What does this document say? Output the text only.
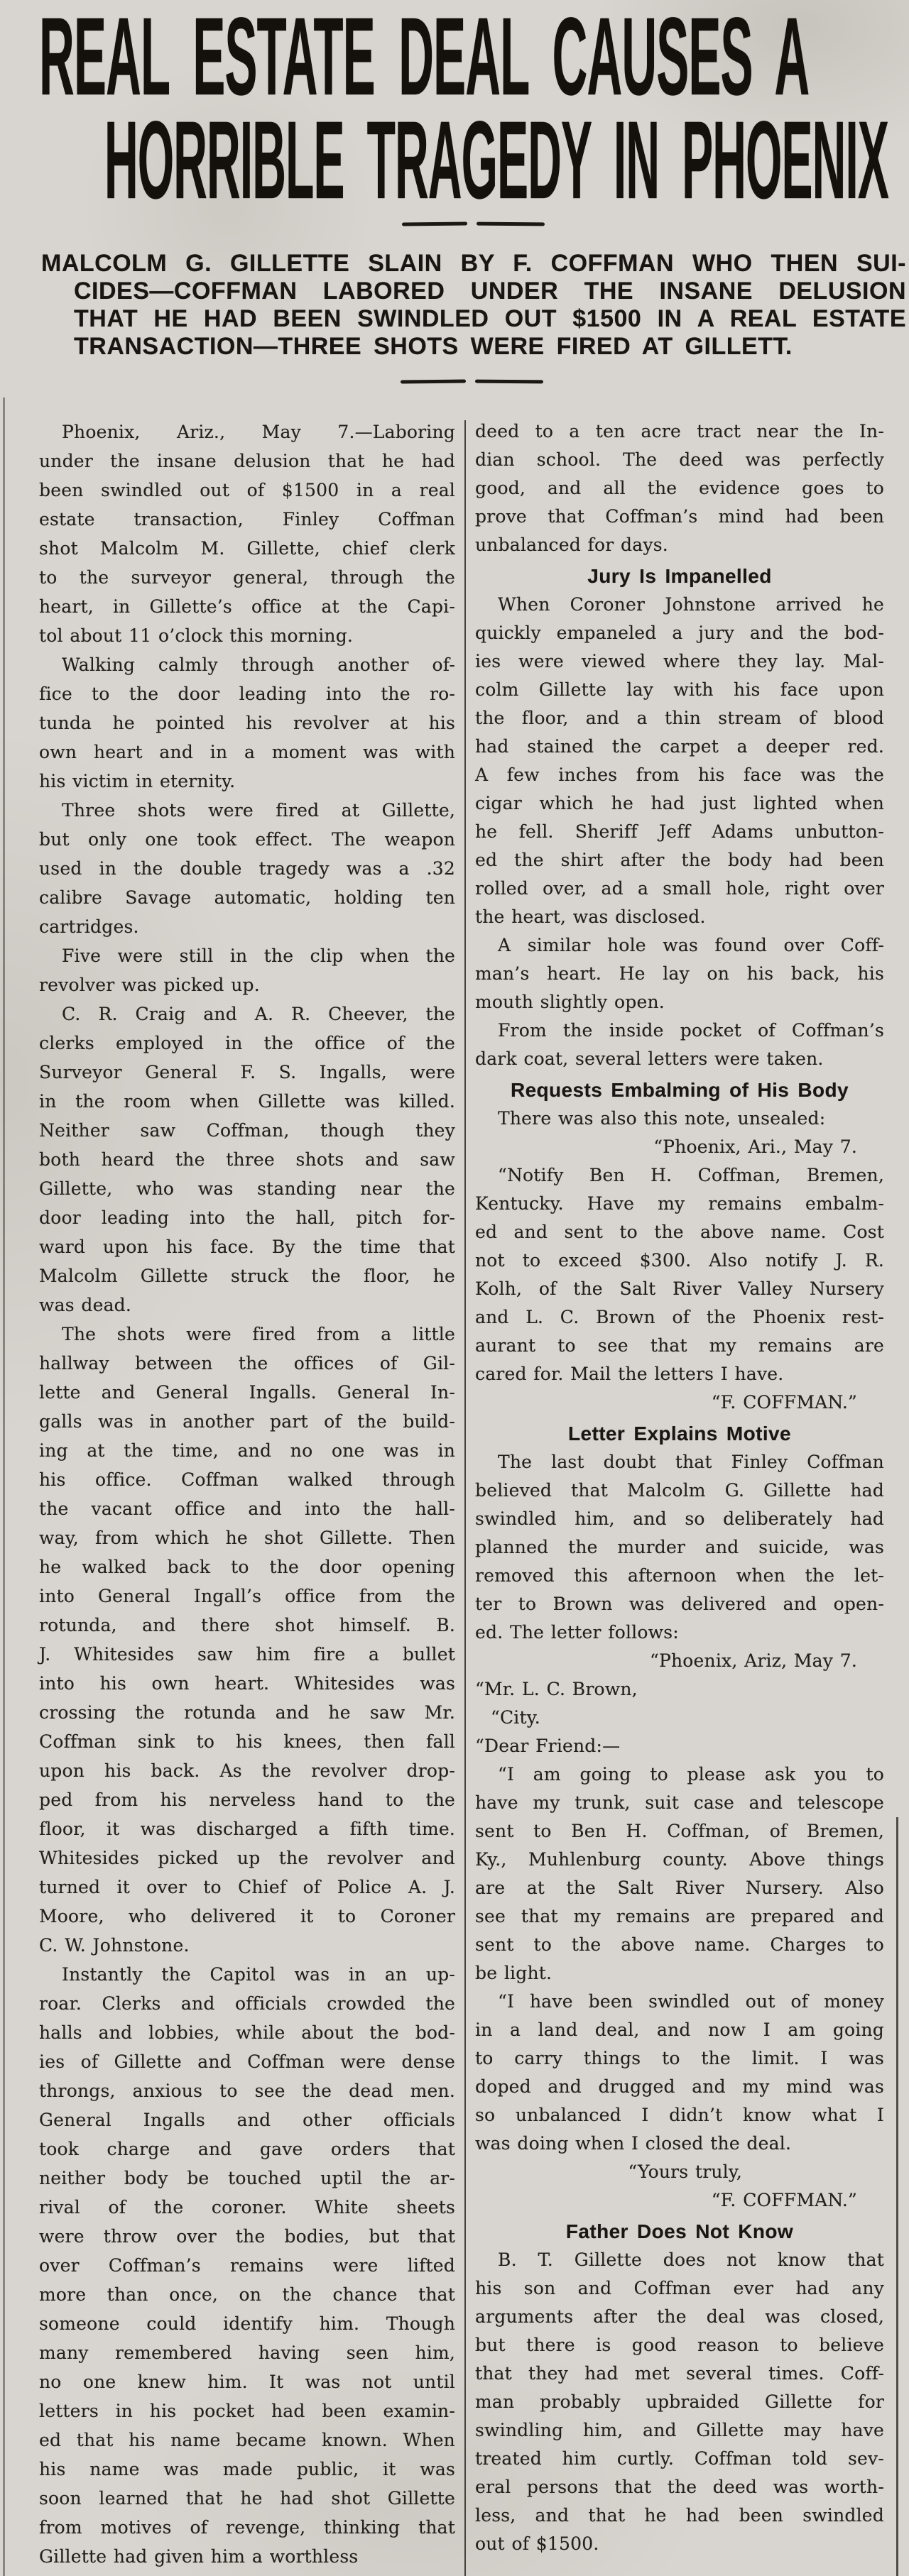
REAL ESTATE DEAL CAUSES A
HORRIBLE TRAGEDY IN PHOENIX
MALCOLM G. GILLETTE SLAIN BY F. COFFMAN WHO THEN SUI-
CIDES—COFFMAN LABORED UNDER THE INSANE DELUSION
THAT HE HAD BEEN SWINDLED OUT $1500 IN A REAL ESTATE
TRANSACTION—THREE SHOTS WERE FIRED AT GILLETT.
Phoenix, Ariz., May 7.—Laboring
under the insane delusion that he had
been swindled out of $1500 in a real
estate transaction, Finley Coffman
shot Malcolm M. Gillette, chief clerk
to the surveyor general, through the
heart, in Gillette’s office at the Capi-
tol about 11 o’clock this morning.
Walking calmly through another of-
fice to the door leading into the ro-
tunda he pointed his revolver at his
own heart and in a moment was with
his victim in eternity.
Three shots were fired at Gillette,
but only one took effect. The weapon
used in the double tragedy was a .32
calibre Savage automatic, holding ten
cartridges.
Five were still in the clip when the
revolver was picked up.
C. R. Craig and A. R. Cheever, the
clerks employed in the office of the
Surveyor General F. S. Ingalls, were
in the room when Gillette was killed.
Neither saw Coffman, though they
both heard the three shots and saw
Gillette, who was standing near the
door leading into the hall, pitch for-
ward upon his face. By the time that
Malcolm Gillette struck the floor, he
was dead.
The shots were fired from a little
hallway between the offices of Gil-
lette and General Ingalls. General In-
galls was in another part of the build-
ing at the time, and no one was in
his office. Coffman walked through
the vacant office and into the hall-
way, from which he shot Gillette. Then
he walked back to the door opening
into General Ingall’s office from the
rotunda, and there shot himself. B.
J. Whitesides saw him fire a bullet
into his own heart. Whitesides was
crossing the rotunda and he saw Mr.
Coffman sink to his knees, then fall
upon his back. As the revolver drop-
ped from his nerveless hand to the
floor, it was discharged a fifth time.
Whitesides picked up the revolver and
turned it over to Chief of Police A. J.
Moore, who delivered it to Coroner
C. W. Johnstone.
Instantly the Capitol was in an up-
roar. Clerks and officials crowded the
halls and lobbies, while about the bod-
ies of Gillette and Coffman were dense
throngs, anxious to see the dead men.
General Ingalls and other officials
took charge and gave orders that
neither body be touched uptil the ar-
rival of the coroner. White sheets
were throw over the bodies, but that
over Coffman’s remains were lifted
more than once, on the chance that
someone could identify him. Though
many remembered having seen him,
no one knew him. It was not until
letters in his pocket had been examin-
ed that his name became known. When
his name was made public, it was
soon learned that he had shot Gillette
from motives of revenge, thinking that
Gillette had given him a worthless
deed to a ten acre tract near the In-
dian school. The deed was perfectly
good, and all the evidence goes to
prove that Coffman’s mind had been
unbalanced for days.
Jury Is Impanelled
When Coroner Johnstone arrived he
quickly empaneled a jury and the bod-
ies were viewed where they lay. Mal-
colm Gillette lay with his face upon
the floor, and a thin stream of blood
had stained the carpet a deeper red.
A few inches from his face was the
cigar which he had just lighted when
he fell. Sheriff Jeff Adams unbutton-
ed the shirt after the body had been
rolled over, ad a small hole, right over
the heart, was disclosed.
A similar hole was found over Coff-
man’s heart. He lay on his back, his
mouth slightly open.
From the inside pocket of Coffman’s
dark coat, several letters were taken.
Requests Embalming of His Body
There was also this note, unsealed:
“Phoenix, Ari., May 7.
“Notify Ben H. Coffman, Bremen,
Kentucky. Have my remains embalm-
ed and sent to the above name. Cost
not to exceed $300. Also notify J. R.
Kolh, of the Salt River Valley Nursery
and L. C. Brown of the Phoenix rest-
aurant to see that my remains are
cared for. Mail the letters I have.
“F. COFFMAN.”
Letter Explains Motive
The last doubt that Finley Coffman
believed that Malcolm G. Gillette had
swindled him, and so deliberately had
planned the murder and suicide, was
removed this afternoon when the let-
ter to Brown was delivered and open-
ed. The letter follows:
“Phoenix, Ariz, May 7.
“Mr. L. C. Brown,
“City.
“Dear Friend:—
“I am going to please ask you to
have my trunk, suit case and telescope
sent to Ben H. Coffman, of Bremen,
Ky., Muhlenburg county. Above things
are at the Salt River Nursery. Also
see that my remains are prepared and
sent to the above name. Charges to
be light.
“I have been swindled out of money
in a land deal, and now I am going
to carry things to the limit. I was
doped and drugged and my mind was
so unbalanced I didn’t know what I
was doing when I closed the deal.
“Yours truly,
“F. COFFMAN.”
Father Does Not Know
B. T. Gillette does not know that
his son and Coffman ever had any
arguments after the deal was closed,
but there is good reason to believe
that they had met several times. Coff-
man probably upbraided Gillette for
swindling him, and Gillette may have
treated him curtly. Coffman told sev-
eral persons that the deed was worth-
less, and that he had been swindled
out of $1500.
